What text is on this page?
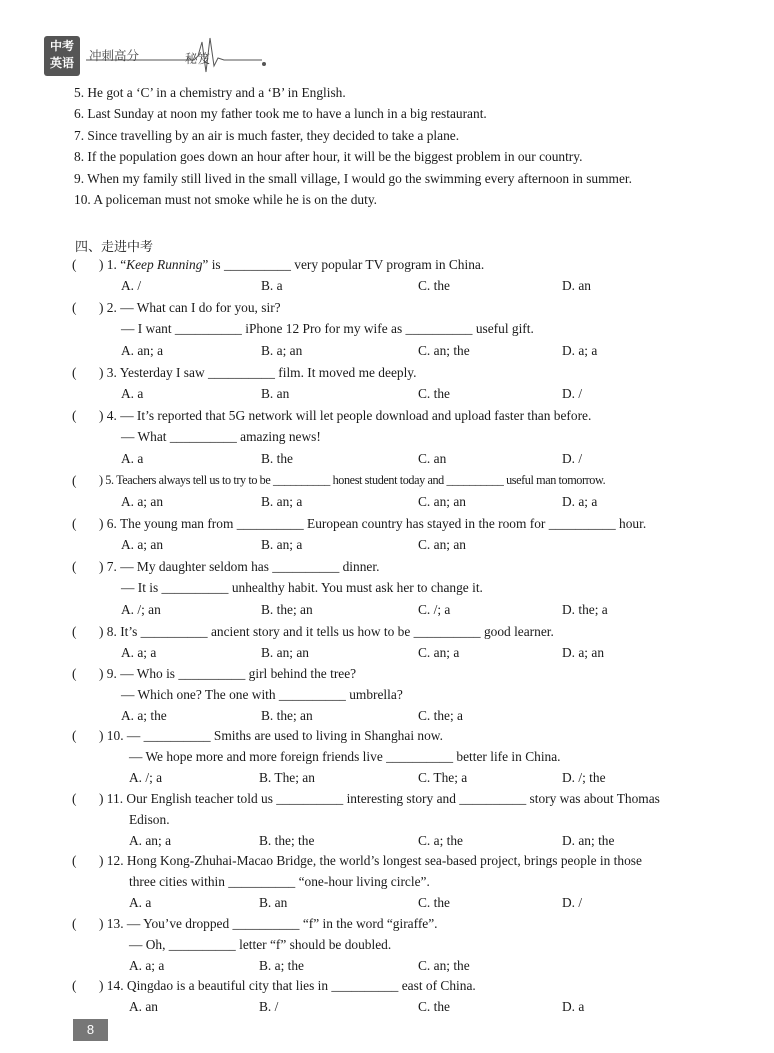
中考
英语	冲刺高分	秘笈
5. He got a ‘C’ in a chemistry and a ‘B’ in English.
6. Last Sunday at noon my father took me to have a lunch in a big restaurant.
7. Since travelling by an air is much faster, they decided to take a plane.
8. If the population goes down an hour after hour, it will be the biggest problem in our country.
9. When my family still lived in the small village, I would go the swimming every afternoon in summer.
10. A policeman must not smoke while he is on the duty.
四、走进中考
( ) 1. “Keep Running” is __________ very popular TV program in China.
A. /	B. a	C. the	D. an
( ) 2. — What can I do for you, sir?
— I want __________ iPhone 12 Pro for my wife as __________ useful gift.
A. an; a	B. a; an	C. an; the	D. a; a
( ) 3. Yesterday I saw __________ film. It moved me deeply.
A. a	B. an	C. the	D. /
( ) 4. — It’s reported that 5G network will let people download and upload faster than before.
— What __________ amazing news!
A. a	B. the	C. an	D. /
( ) 5. Teachers always tell us to try to be __________ honest student today and __________ useful man tomorrow.
A. a; an	B. an; a	C. an; an	D. a; a
( ) 6. The young man from __________ European country has stayed in the room for __________ hour.
A. a; an	B. an; a	C. an; an
( ) 7. — My daughter seldom has __________ dinner.
— It is __________ unhealthy habit. You must ask her to change it.
A. /; an	B. the; an	C. /; a	D. the; a
( ) 8. It’s __________ ancient story and it tells us how to be __________ good learner.
A. a; a	B. an; an	C. an; a	D. a; an
( ) 9. — Who is __________ girl behind the tree?
— Which one? The one with __________ umbrella?
A. a; the	B. the; an	C. the; a
( ) 10. — __________ Smiths are used to living in Shanghai now.
— We hope more and more foreign friends live __________ better life in China.
A. /; a	B. The; an	C. The; a	D. /; the
( ) 11. Our English teacher told us __________ interesting story and __________ story was about Thomas
Edison.
A. an; a	B. the; the	C. a; the	D. an; the
( ) 12. Hong Kong-Zhuhai-Macao Bridge, the world’s longest sea-based project, brings people in those
three cities within __________ “one-hour living circle”.
A. a	B. an	C. the	D. /
( ) 13. — You’ve dropped __________ “f” in the word “giraffe”.
— Oh, __________ letter “f” should be doubled.
A. a; a	B. a; the	C. an; the
( ) 14. Qingdao is a beautiful city that lies in __________ east of China.
A. an	B. /	C. the	D. a
8
